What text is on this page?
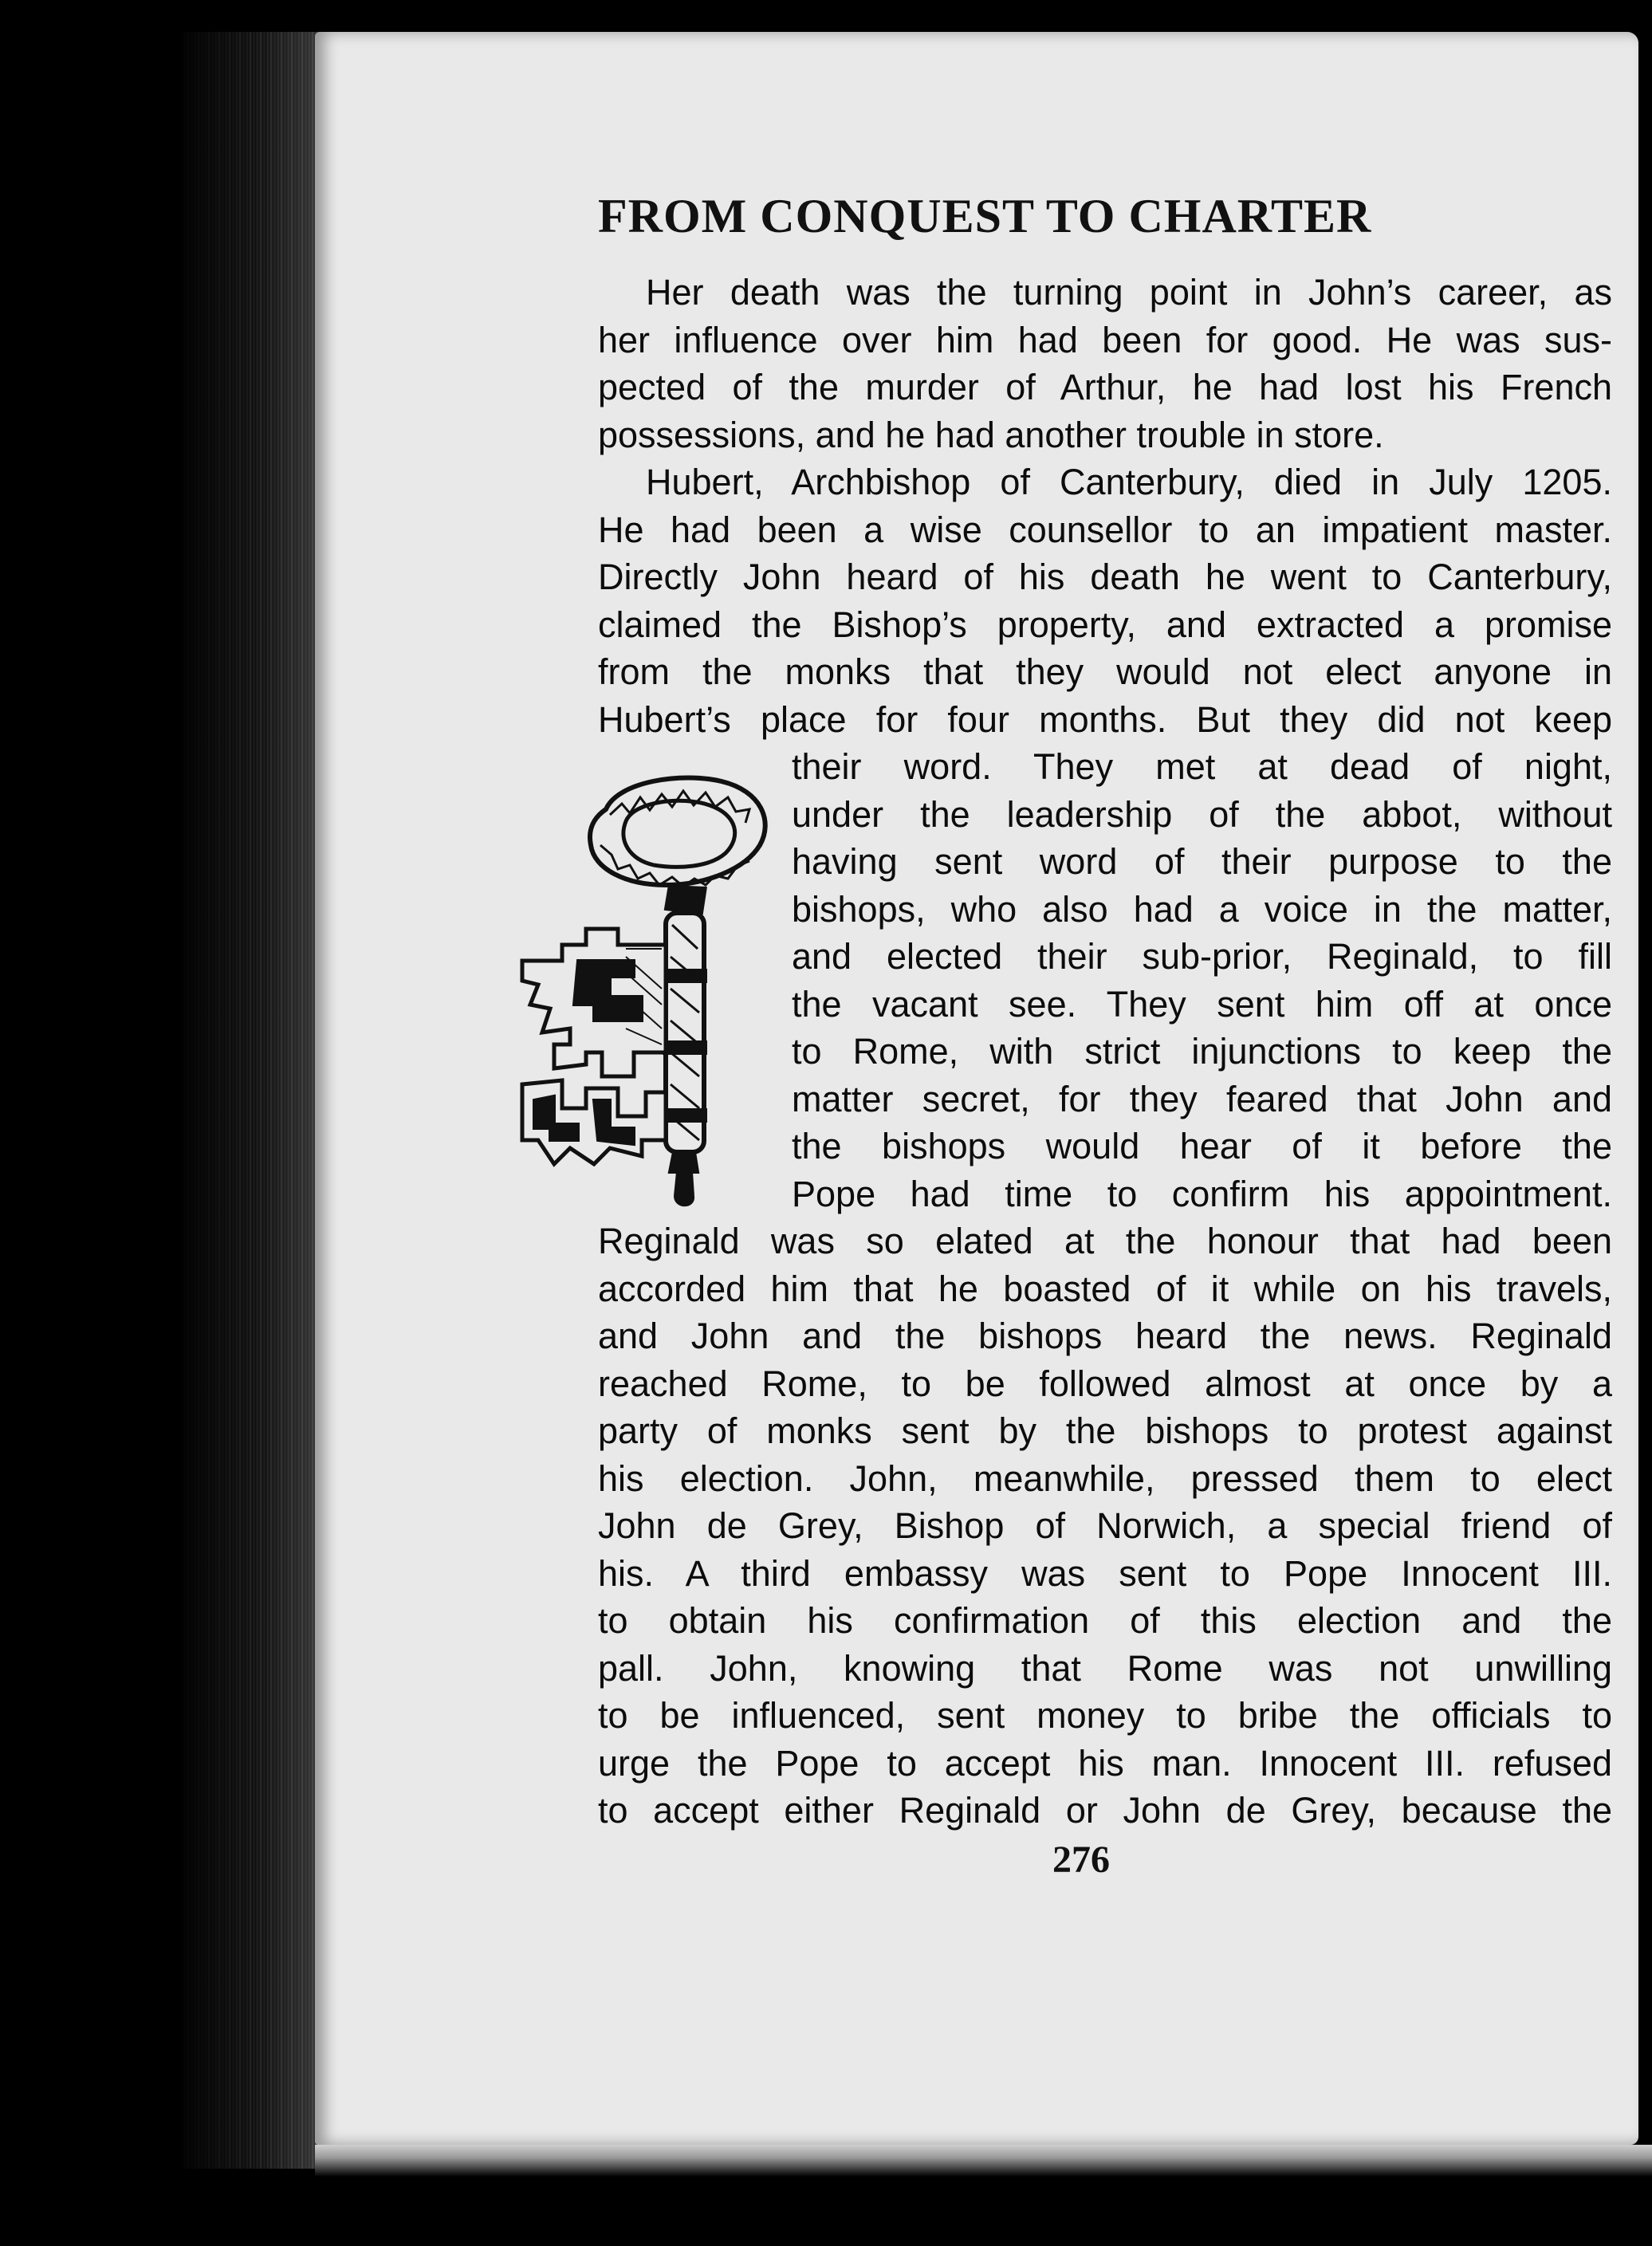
FROM CONQUEST TO CHARTER
Her death was the turning point in John’s career, as
her influence over him had been for good. He was sus-
pected of the murder of Arthur, he had lost his French
possessions, and he had another trouble in store.
Hubert, Archbishop of Canterbury, died in July 1205.
He had been a wise counsellor to an impatient master.
Directly John heard of his death he went to Canterbury,
claimed the Bishop’s property, and extracted a promise
from the monks that they would not elect anyone in
Hubert’s place for four months. But they did not keep
their word. They met at dead of night,
under the leadership of the abbot, without
having sent word of their purpose to the
bishops, who also had a voice in the matter,
and elected their sub-prior, Reginald, to fill
the vacant see. They sent him off at once
to Rome, with strict injunctions to keep the
matter secret, for they feared that John and
the bishops would hear of it before the
Pope had time to confirm his appointment.
Reginald was so elated at the honour that had been
accorded him that he boasted of it while on his travels,
and John and the bishops heard the news. Reginald
reached Rome, to be followed almost at once by a
party of monks sent by the bishops to protest against
his election. John, meanwhile, pressed them to elect
John de Grey, Bishop of Norwich, a special friend of
his. A third embassy was sent to Pope Innocent III.
to obtain his confirmation of this election and the
pall. John, knowing that Rome was not unwilling
to be influenced, sent money to bribe the officials to
urge the Pope to accept his man. Innocent III. refused
to accept either Reginald or John de Grey, because the
276
